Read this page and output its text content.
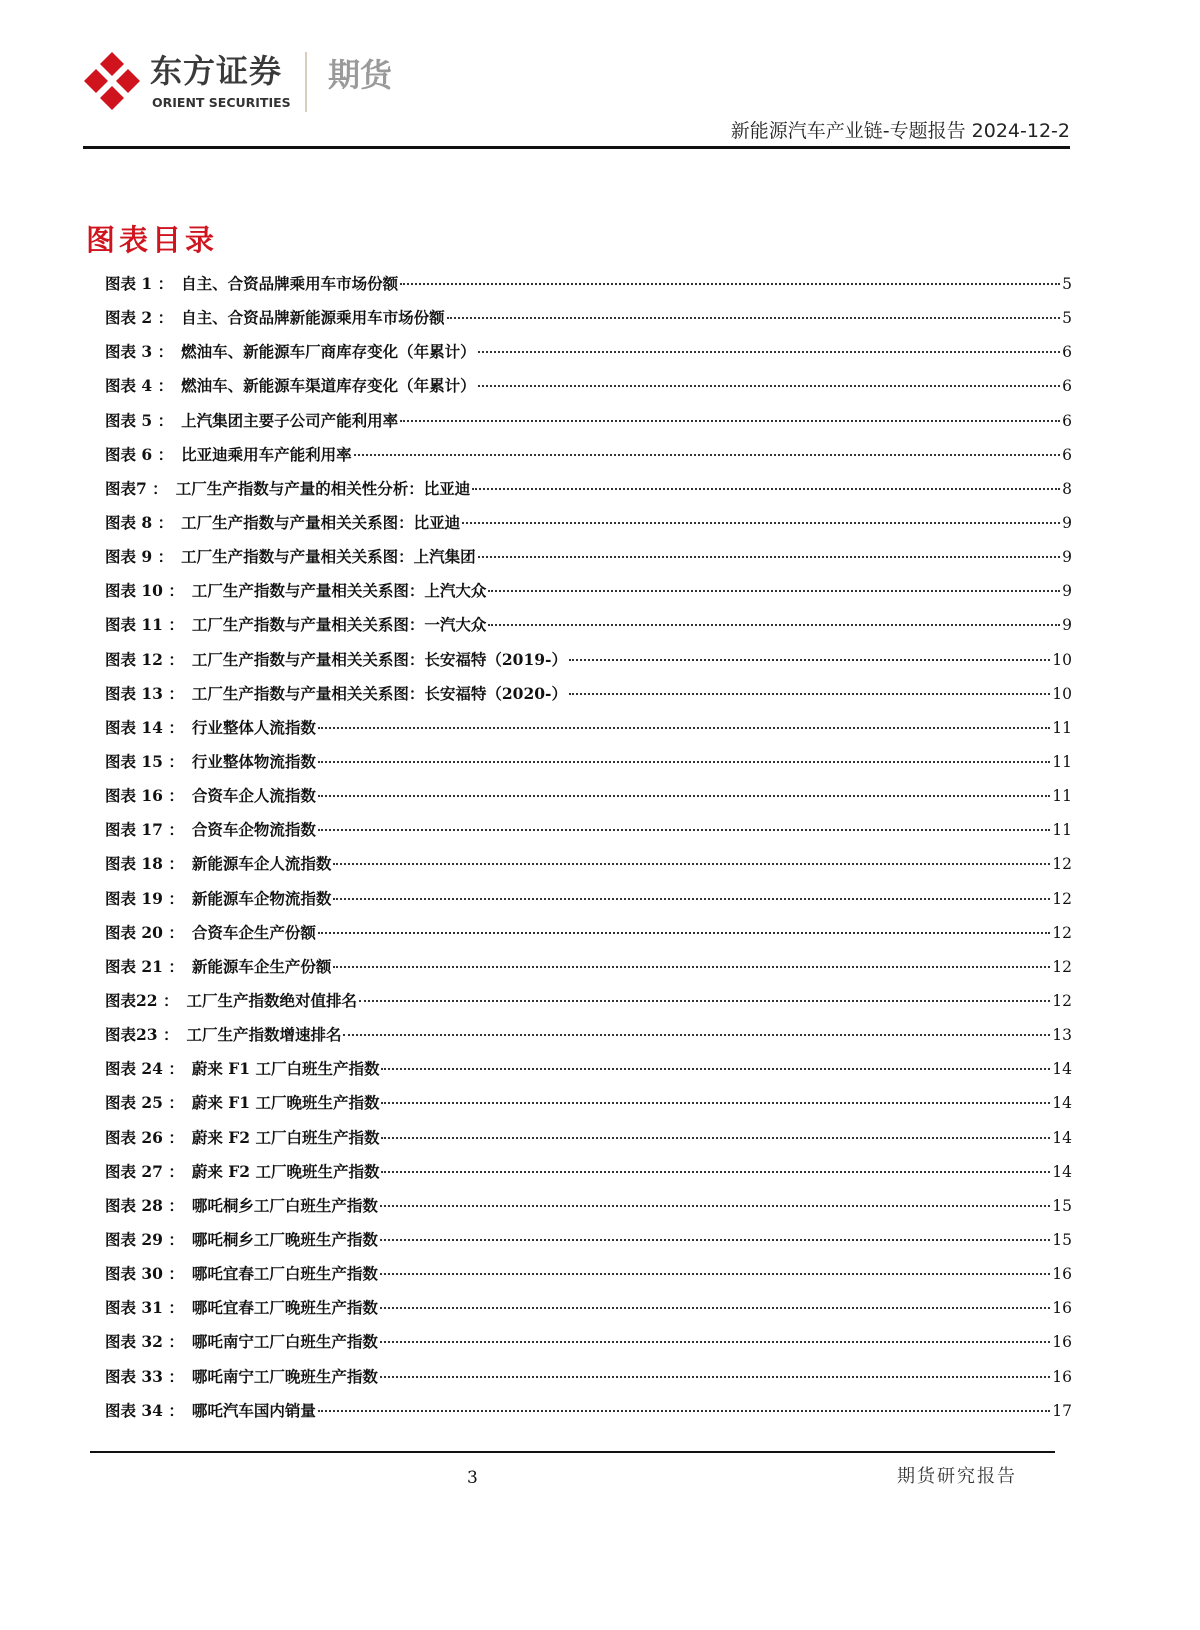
东方证券
ORIENT SECURITIES
期货
新能源汽车产业链-专题报告 2024-12-2
图表目录
图表 1 ： 自主、合资品牌乘用车市场份额	5
图表 2 ： 自主、合资品牌新能源乘用车市场份额	5
图表 3 ： 燃油车、新能源车厂商库存变化（年累计）	6
图表 4 ： 燃油车、新能源车渠道库存变化（年累计）	6
图表 5 ： 上汽集团主要子公司产能利用率	6
图表 6 ： 比亚迪乘用车产能利用率	6
图表7 ： 工厂生产指数与产量的相关性分析：比亚迪	8
图表 8 ： 工厂生产指数与产量相关关系图：比亚迪	9
图表 9 ： 工厂生产指数与产量相关关系图：上汽集团	9
图表 10 ： 工厂生产指数与产量相关关系图：上汽大众	9
图表 11 ： 工厂生产指数与产量相关关系图：一汽大众	9
图表 12 ： 工厂生产指数与产量相关关系图：长安福特（2019-）	10
图表 13 ： 工厂生产指数与产量相关关系图：长安福特（2020-）	10
图表 14 ： 行业整体人流指数	11
图表 15 ： 行业整体物流指数	11
图表 16 ： 合资车企人流指数	11
图表 17 ： 合资车企物流指数	11
图表 18 ： 新能源车企人流指数	12
图表 19 ： 新能源车企物流指数	12
图表 20 ： 合资车企生产份额	12
图表 21 ： 新能源车企生产份额	12
图表22 ： 工厂生产指数绝对值排名	12
图表23 ： 工厂生产指数增速排名	13
图表 24 ： 蔚来 F1 工厂白班生产指数	14
图表 25 ： 蔚来 F1 工厂晚班生产指数	14
图表 26 ： 蔚来 F2 工厂白班生产指数	14
图表 27 ： 蔚来 F2 工厂晚班生产指数	14
图表 28 ： 哪吒桐乡工厂白班生产指数	15
图表 29 ： 哪吒桐乡工厂晚班生产指数	15
图表 30 ： 哪吒宜春工厂白班生产指数	16
图表 31 ： 哪吒宜春工厂晚班生产指数	16
图表 32 ： 哪吒南宁工厂白班生产指数	16
图表 33 ： 哪吒南宁工厂晚班生产指数	16
图表 34 ： 哪吒汽车国内销量	17
3	期货研究报告
